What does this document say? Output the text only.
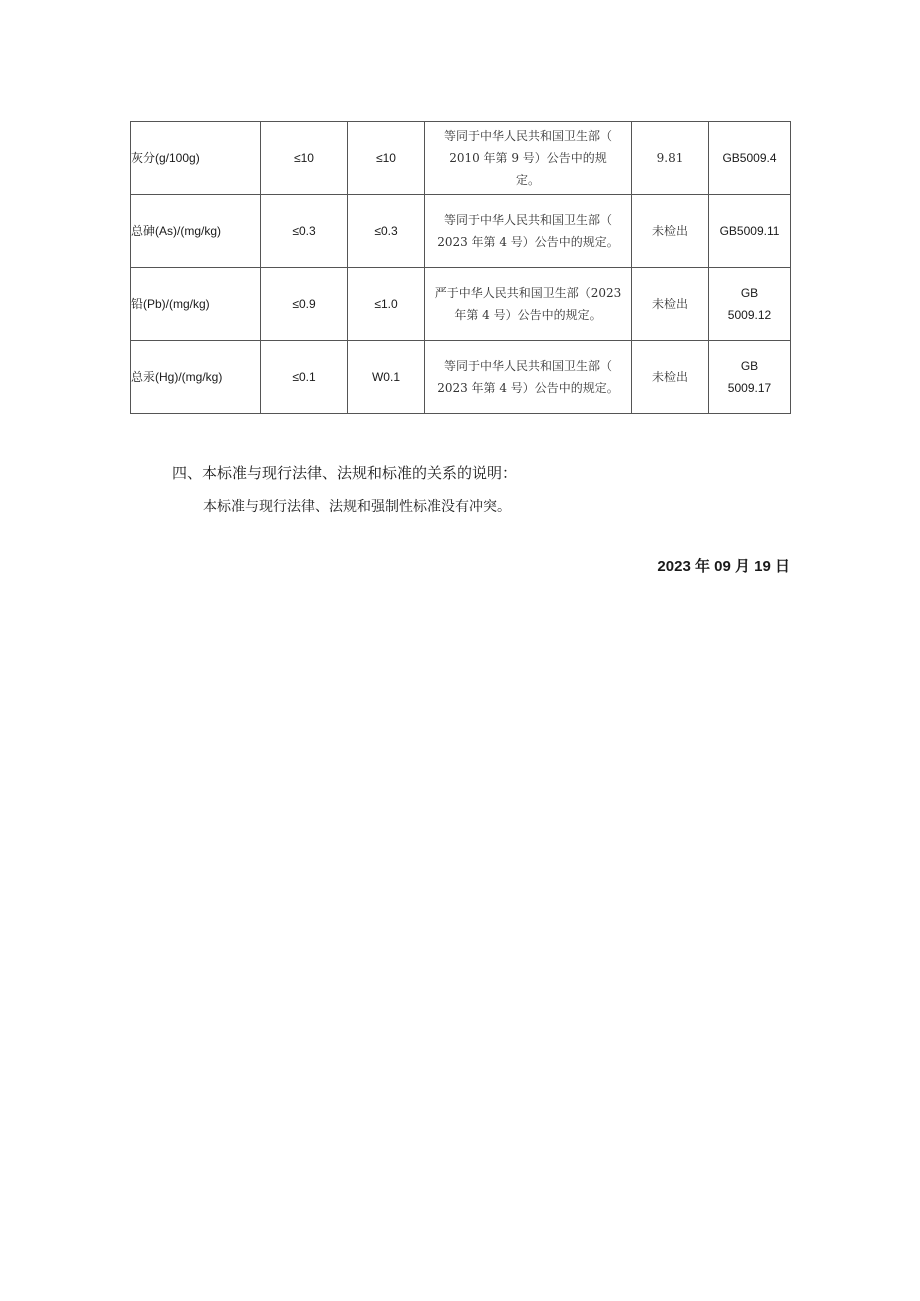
灰分(g/100g)	≤10	≤10	等同于中华人民共和国卫生部（
2010 年第 9 号）公告中的规
定。	9.81	GB5009.4

总砷(As)/(mg/kg)	≤0.3	≤0.3	等同于中华人民共和国卫生部（
2023 年第 4 号）公告中的规定。	未检出	GB5009.11

铅(Pb)/(mg/kg)	≤0.9	≤1.0	严于中华人民共和国卫生部（2023
年第 4 号）公告中的规定。	未检出	GB
5009.12

总汞(Hg)/(mg/kg)	≤0.1	W0.1	等同于中华人民共和国卫生部（
2023 年第 4 号）公告中的规定。	未检出	GB
5009.17
四、本标准与现行法律、法规和标准的关系的说明：
本标准与现行法律、法规和强制性标准没有冲突。
2023 年 09 月 19 日
